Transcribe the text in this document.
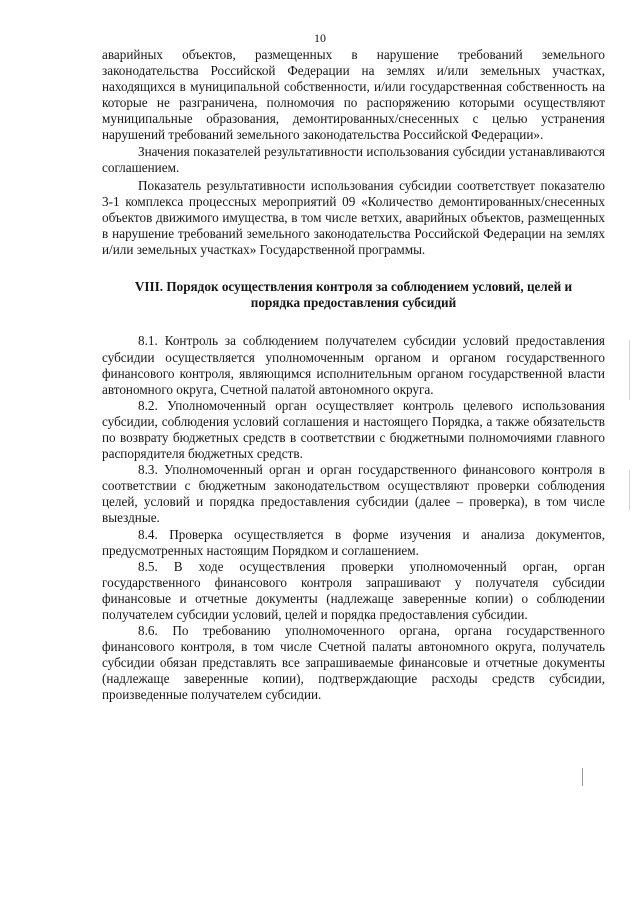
10

аварийных объектов, размещенных в нарушение требований земельного законодательства Российской Федерации на землях и/или земельных участках, находящихся в муниципальной собственности, и/или государственная собственность на которые не разграничена, полномочия по распоряжению которыми осуществляют муниципальные образования, демонтированных/снесенных с целью устранения нарушений требований земельного законодательства Российской Федерации».

Значения показателей результативности использования субсидии устанавливаются соглашением.

Показатель результативности использования субсидии соответствует показателю 3-1 комплекса процессных мероприятий 09 «Количество демонтированных/снесенных объектов движимого имущества, в том числе ветхих, аварийных объектов, размещенных в нарушение требований земельного законодательства Российской Федерации на землях и/или земельных участках» Государственной программы.

VIII. Порядок осуществления контроля за соблюдением условий, целей и порядка предоставления субсидий

8.1. Контроль за соблюдением получателем субсидии условий предоставления субсидии осуществляется уполномоченным органом и органом государственного финансового контроля, являющимся исполнительным органом государственной власти автономного округа, Счетной палатой автономного округа.

8.2. Уполномоченный орган осуществляет контроль целевого использования субсидии, соблюдения условий соглашения и настоящего Порядка, а также обязательств по возврату бюджетных средств в соответствии с бюджетными полномочиями главного распорядителя бюджетных средств.

8.3. Уполномоченный орган и орган государственного финансового контроля в соответствии с бюджетным законодательством осуществляют проверки соблюдения целей, условий и порядка предоставления субсидии (далее – проверка), в том числе выездные.

8.4. Проверка осуществляется в форме изучения и анализа документов, предусмотренных настоящим Порядком и соглашением.

8.5. В ходе осуществления проверки уполномоченный орган, орган государственного финансового контроля запрашивают у получателя субсидии финансовые и отчетные документы (надлежаще заверенные копии) о соблюдении получателем субсидии условий, целей и порядка предоставления субсидии.

8.6. По требованию уполномоченного органа, органа государственного финансового контроля, в том числе Счетной палаты автономного округа, получатель субсидии обязан представлять все запрашиваемые финансовые и отчетные документы (надлежаще заверенные копии), подтверждающие расходы средств субсидии, произведенные получателем субсидии.
